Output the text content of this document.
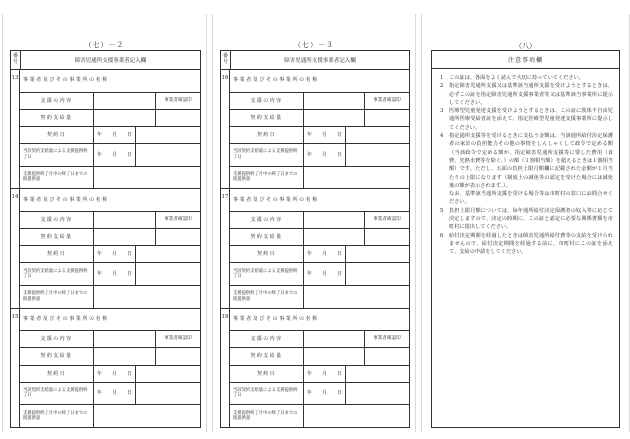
（七）－２
番号	障害児通所支援事業者記入欄
13 事業者及びその事業所の名称
支援の内容	事業者確認印
契約支給量
契約日	年 月 日
当該契約支給量による支援提供終了日	年 月 日
支援提供終了月中の終了日までの既提供量
14 事業者及びその事業所の名称
支援の内容	事業者確認印
契約支給量
契約日	年 月 日
当該契約支給量による支援提供終了日	年 月 日
支援提供終了月中の終了日までの既提供量
15 事業者及びその事業所の名称
支援の内容	事業者確認印
契約支給量
契約日	年 月 日
当該契約支給量による支援提供終了日	年 月 日
支援提供終了月中の終了日までの既提供量
（七）－３
番号	障害児通所支援事業者記入欄
16 事業者及びその事業所の名称
支援の内容	事業者確認印
契約支給量
契約日	年 月 日
当該契約支給量による支援提供終了日	年 月 日
支援提供終了月中の終了日までの既提供量
17 事業者及びその事業所の名称
支援の内容	事業者確認印
契約支給量
契約日	年 月 日
当該契約支給量による支援提供終了日	年 月 日
支援提供終了月中の終了日までの既提供量
18 事業者及びその事業所の名称
支援の内容	事業者確認印
契約支給量
契約日	年 月 日
当該契約支給量による支援提供終了日	年 月 日
支援提供終了月中の終了日までの既提供量
（八）
注意事項欄
1	この証は、各面をよく読んで大切に持っていてください。
2	指定障害児通所支援又は基準該当通所支援を受けようとするときは、必ずこの証を指定障害児通所支援事業者等又は基準該当事業所に提示してください。
3	医療型児童発達支援を受けようとするときは、この証に肢体不自由児通所医療受給者証を添えて、指定医療型児童発達支援事業所に提示してください。
4	指定通所支援等を受けるときに支払う金額は、当該通所給付決定保護者の家計の負担能力その他の事情をしんしゃくして政令で定める額（当該政令で定める額が、指定障害児通所支援等に要した費用（食費、光熱水費等を除く。）の額（１割相当額）を超えるときは１割相当額）です。ただし、五面の負担上限月額欄に記載された金額が１月当たりの上限になります（制度上の減免等の認定を受けた場合には減免後の額が表示されます。）。
なお、基準該当通所支援を受ける場合等は市町村の窓口にお問合せください。
5	負担上限月額については、毎年通所給付決定保護者の収入等に応じて決定しますので、決定の時期に、この証と認定に必要な関係書類を市町村に提出してください。
6	給付決定期間を経過したときは障害児通所給付費等の支給を受けられませんので、給付決定期間を経過する前に、市町村にこの証を添えて、支給の申請をしてください。
